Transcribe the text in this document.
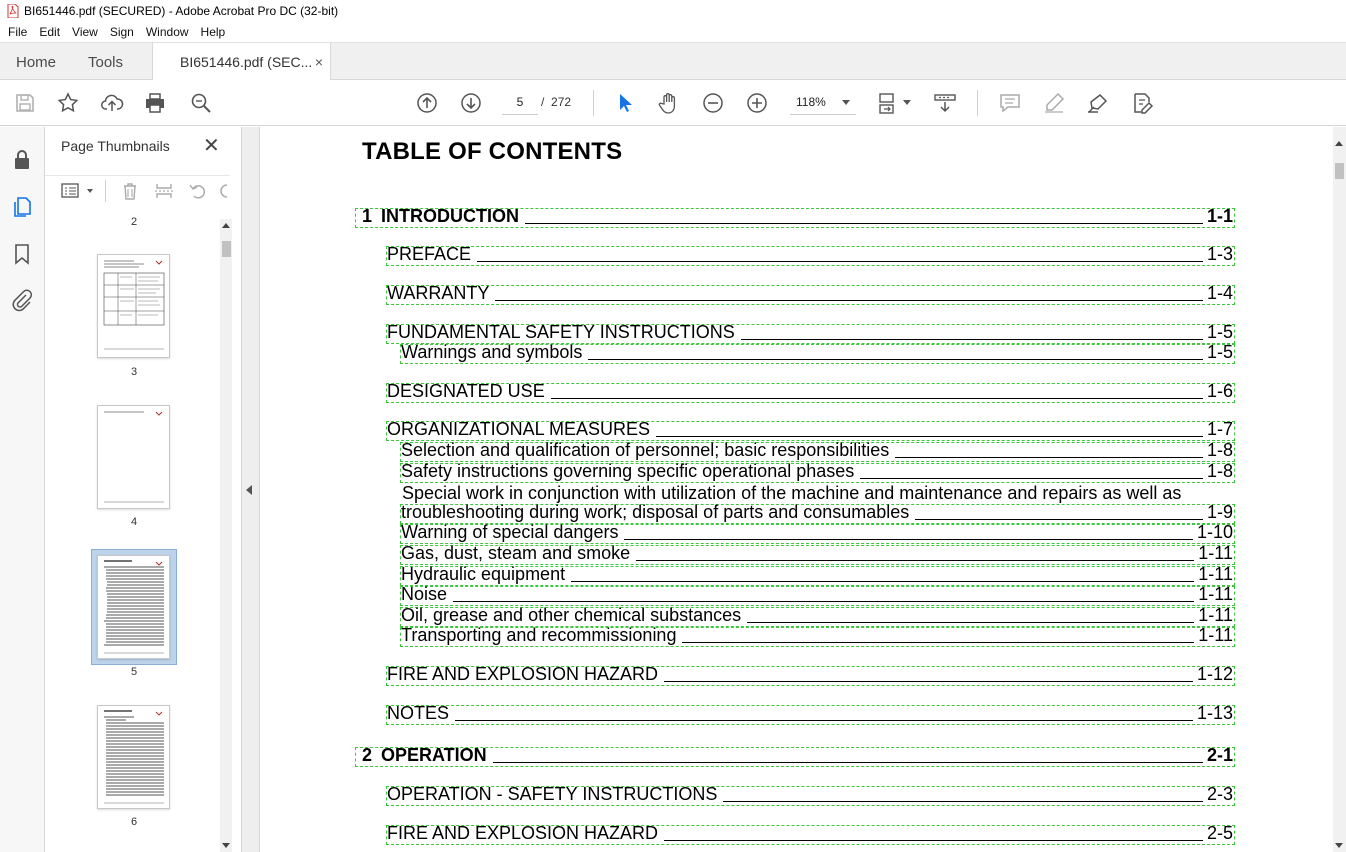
BI651446.pdf (SECURED) - Adobe Acrobat Pro DC (32-bit)
File	Edit	View	Sign	Window	Help
Home Tools	BI651446.pdf (SEC... ×
5	/ 272	118%
Page Thumbnails ✕
2
3
4
5
6
TABLE OF CONTENTS
1 INTRODUCTION	1-1
PREFACE	1-3
WARRANTY	1-4
FUNDAMENTAL SAFETY INSTRUCTIONS	1-5
Warnings and symbols	1-5
DESIGNATED USE	1-6
ORGANIZATIONAL MEASURES	1-7
Selection and qualification of personnel; basic responsibilities	1-8
Safety instructions governing specific operational phases	1-8
Special work in conjunction with utilization of the machine and maintenance and repairs as well as
troubleshooting during work; disposal of parts and consumables	1-9
Warning of special dangers	1-10
Gas, dust, steam and smoke	1-11
Hydraulic equipment	1-11
Noise	1-11
Oil, grease and other chemical substances	1-11
Transporting and recommissioning	1-11
FIRE AND EXPLOSION HAZARD	1-12
NOTES	1-13
2 OPERATION	2-1
OPERATION - SAFETY INSTRUCTIONS	2-3
FIRE AND EXPLOSION HAZARD	2-5
